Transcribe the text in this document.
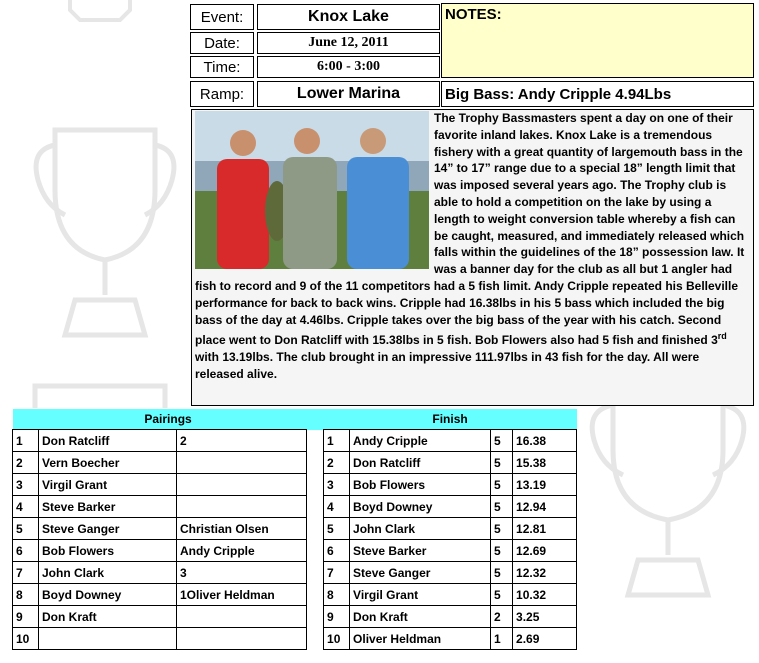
Event:	Knox Lake
Date:	June 12, 2011
Time:	6:00 - 3:00
Ramp:	Lower Marina
NOTES:
Big Bass: Andy Cripple 4.94Lbs
The Trophy Bassmasters spent a day on one of their favorite inland lakes. Knox Lake is a tremendous fishery with a great quantity of largemouth bass in the 14” to 17” range due to a special 18” length limit that was imposed several years ago. The Trophy club is able to hold a competition on the lake by using a length to weight conversion table whereby a fish can be caught, measured, and immediately released which falls within the guidelines of the 18” possession law. It was a banner day for the club as all but 1 angler had fish to record and 9 of the 11 competitors had a 5 fish limit. Andy Cripple repeated his Belleville performance for back to back wins. Cripple had 16.38lbs in his 5 bass which included the big bass of the day at 4.46lbs. Cripple takes over the big bass of the year with his catch. Second place went to Don Ratcliff with 15.38lbs in 5 fish. Bob Flowers also had 5 fish and finished 3rd with 13.19lbs. The club brought in an impressive 111.97lbs in 43 fish for the day. All were released alive.
Pairings				Finish			
1	Don Ratcliff	2		1	Andy Cripple	5	16.38
2	Vern Boecher			2	Don Ratcliff	5	15.38
3	Virgil Grant			3	Bob Flowers	5	13.19
4	Steve Barker			4	Boyd Downey	5	12.94
5	Steve Ganger	Christian Olsen		5	John Clark	5	12.81
6	Bob Flowers	Andy Cripple		6	Steve Barker	5	12.69
7	John Clark	3		7	Steve Ganger	5	12.32
8	Boyd Downey	1Oliver Heldman		8	Virgil Grant	5	10.32
9	Don Kraft			9	Don Kraft	2	3.25
10				10	Oliver Heldman	1	2.69
